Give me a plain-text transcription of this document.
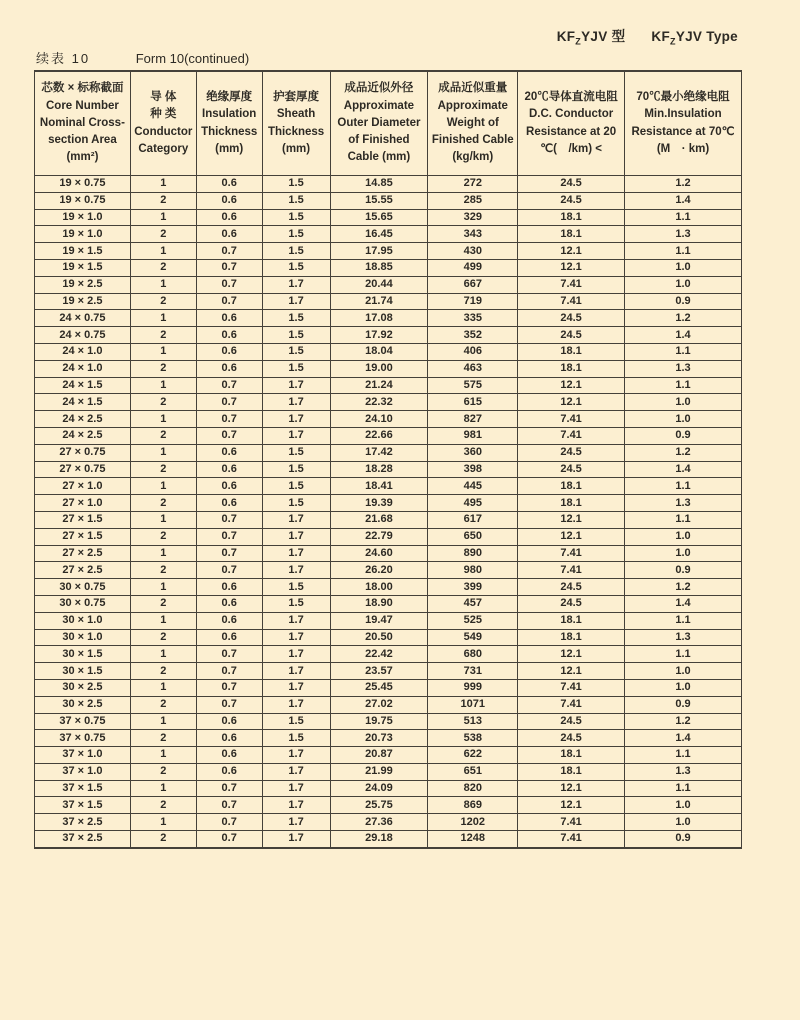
$KF_ZYJV$ 型 $KF_ZYJV$ Type
续表 10	Form 10(continued)
芯数 × 标称截面
Core Number
Nominal Cross-
section Area
(mm²)

导 体
种 类
Conductor
Category

绝缘厚度
Insulation
Thickness
(mm)

护套厚度
Sheath
Thickness
(mm)

成品近似外径
Approximate
Outer Diameter
of Finished
Cable (mm)

成品近似重量
Approximate
Weight of
Finished Cable
(kg/km)

20℃导体直流电阻
D.C. Conductor
Resistance at 20
℃(　/km) <

70℃最小绝缘电阻
Min.Insulation
Resistance at 70℃
(M　· km)

19 × 0.75	1	0.6	1.5	14.85	272	24.5	1.2
19 × 0.75	2	0.6	1.5	15.55	285	24.5	1.4
19 × 1.0	1	0.6	1.5	15.65	329	18.1	1.1
19 × 1.0	2	0.6	1.5	16.45	343	18.1	1.3
19 × 1.5	1	0.7	1.5	17.95	430	12.1	1.1
19 × 1.5	2	0.7	1.5	18.85	499	12.1	1.0
19 × 2.5	1	0.7	1.7	20.44	667	7.41	1.0
19 × 2.5	2	0.7	1.7	21.74	719	7.41	0.9
24 × 0.75	1	0.6	1.5	17.08	335	24.5	1.2
24 × 0.75	2	0.6	1.5	17.92	352	24.5	1.4
24 × 1.0	1	0.6	1.5	18.04	406	18.1	1.1
24 × 1.0	2	0.6	1.5	19.00	463	18.1	1.3
24 × 1.5	1	0.7	1.7	21.24	575	12.1	1.1
24 × 1.5	2	0.7	1.7	22.32	615	12.1	1.0
24 × 2.5	1	0.7	1.7	24.10	827	7.41	1.0
24 × 2.5	2	0.7	1.7	22.66	981	7.41	0.9
27 × 0.75	1	0.6	1.5	17.42	360	24.5	1.2
27 × 0.75	2	0.6	1.5	18.28	398	24.5	1.4
27 × 1.0	1	0.6	1.5	18.41	445	18.1	1.1
27 × 1.0	2	0.6	1.5	19.39	495	18.1	1.3
27 × 1.5	1	0.7	1.7	21.68	617	12.1	1.1
27 × 1.5	2	0.7	1.7	22.79	650	12.1	1.0
27 × 2.5	1	0.7	1.7	24.60	890	7.41	1.0
27 × 2.5	2	0.7	1.7	26.20	980	7.41	0.9
30 × 0.75	1	0.6	1.5	18.00	399	24.5	1.2
30 × 0.75	2	0.6	1.5	18.90	457	24.5	1.4
30 × 1.0	1	0.6	1.7	19.47	525	18.1	1.1
30 × 1.0	2	0.6	1.7	20.50	549	18.1	1.3
30 × 1.5	1	0.7	1.7	22.42	680	12.1	1.1
30 × 1.5	2	0.7	1.7	23.57	731	12.1	1.0
30 × 2.5	1	0.7	1.7	25.45	999	7.41	1.0
30 × 2.5	2	0.7	1.7	27.02	1071	7.41	0.9
37 × 0.75	1	0.6	1.5	19.75	513	24.5	1.2
37 × 0.75	2	0.6	1.5	20.73	538	24.5	1.4
37 × 1.0	1	0.6	1.7	20.87	622	18.1	1.1
37 × 1.0	2	0.6	1.7	21.99	651	18.1	1.3
37 × 1.5	1	0.7	1.7	24.09	820	12.1	1.1
37 × 1.5	2	0.7	1.7	25.75	869	12.1	1.0
37 × 2.5	1	0.7	1.7	27.36	1202	7.41	1.0
37 × 2.5	2	0.7	1.7	29.18	1248	7.41	0.9
